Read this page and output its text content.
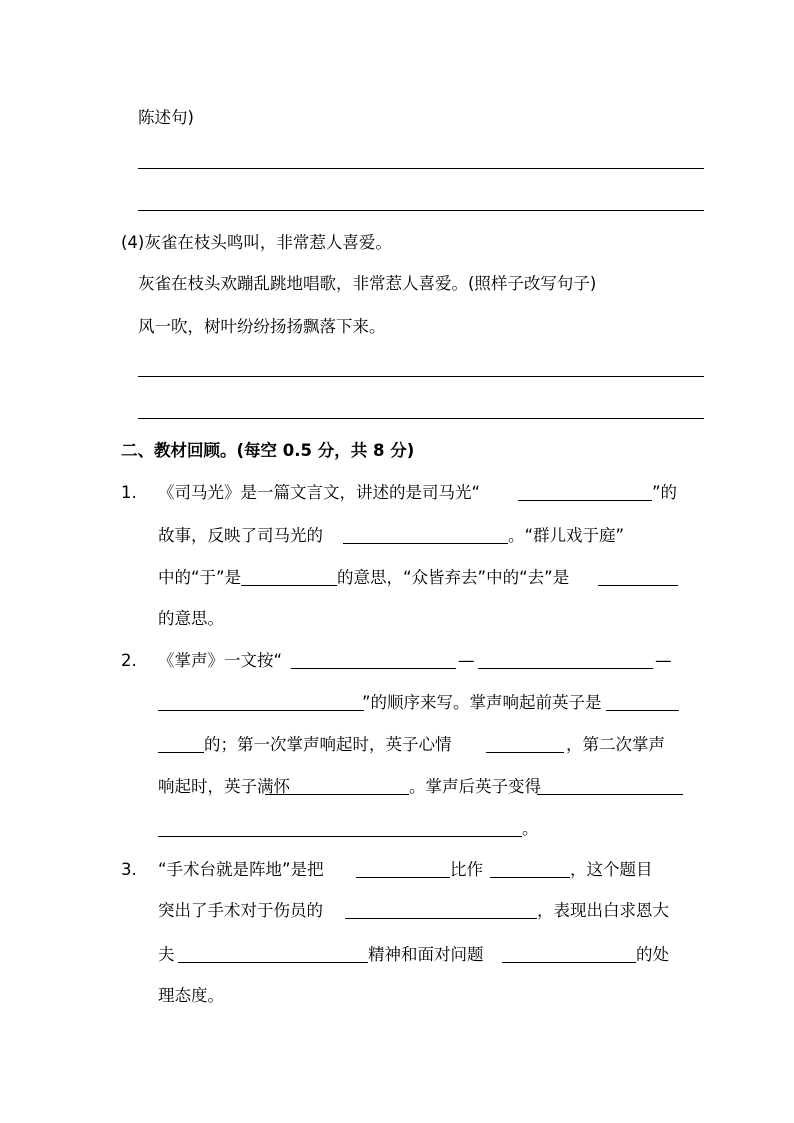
陈述句)
(4)灰雀在枝头鸣叫，非常惹人喜爱。
灰雀在枝头欢蹦乱跳地唱歌，非常惹人喜爱。(照样子改写句子)
风一吹，树叶纷纷扬扬飘落下来。
二、教材回顾。(每空 0.5 分，共 8 分)
1. 《司马光》是一篇文言文，讲述的是司马光“	”的
故事，反映了司马光的	。“群儿戏于庭”
中的“于”是	的意思，“众皆弃去”中的“去”是
的意思。
2. 《掌声》一文按“	—	—
”的顺序来写。掌声响起前英子是
的；第一次掌声响起时，英子心情	，第二次掌声
响起时，英子满怀	。掌声后英子变得
。
3. “手术台就是阵地”是把	比作	，这个题目
突出了手术对于伤员的	，表现出白求恩大
夫	精神和面对问题	的处
理态度。
